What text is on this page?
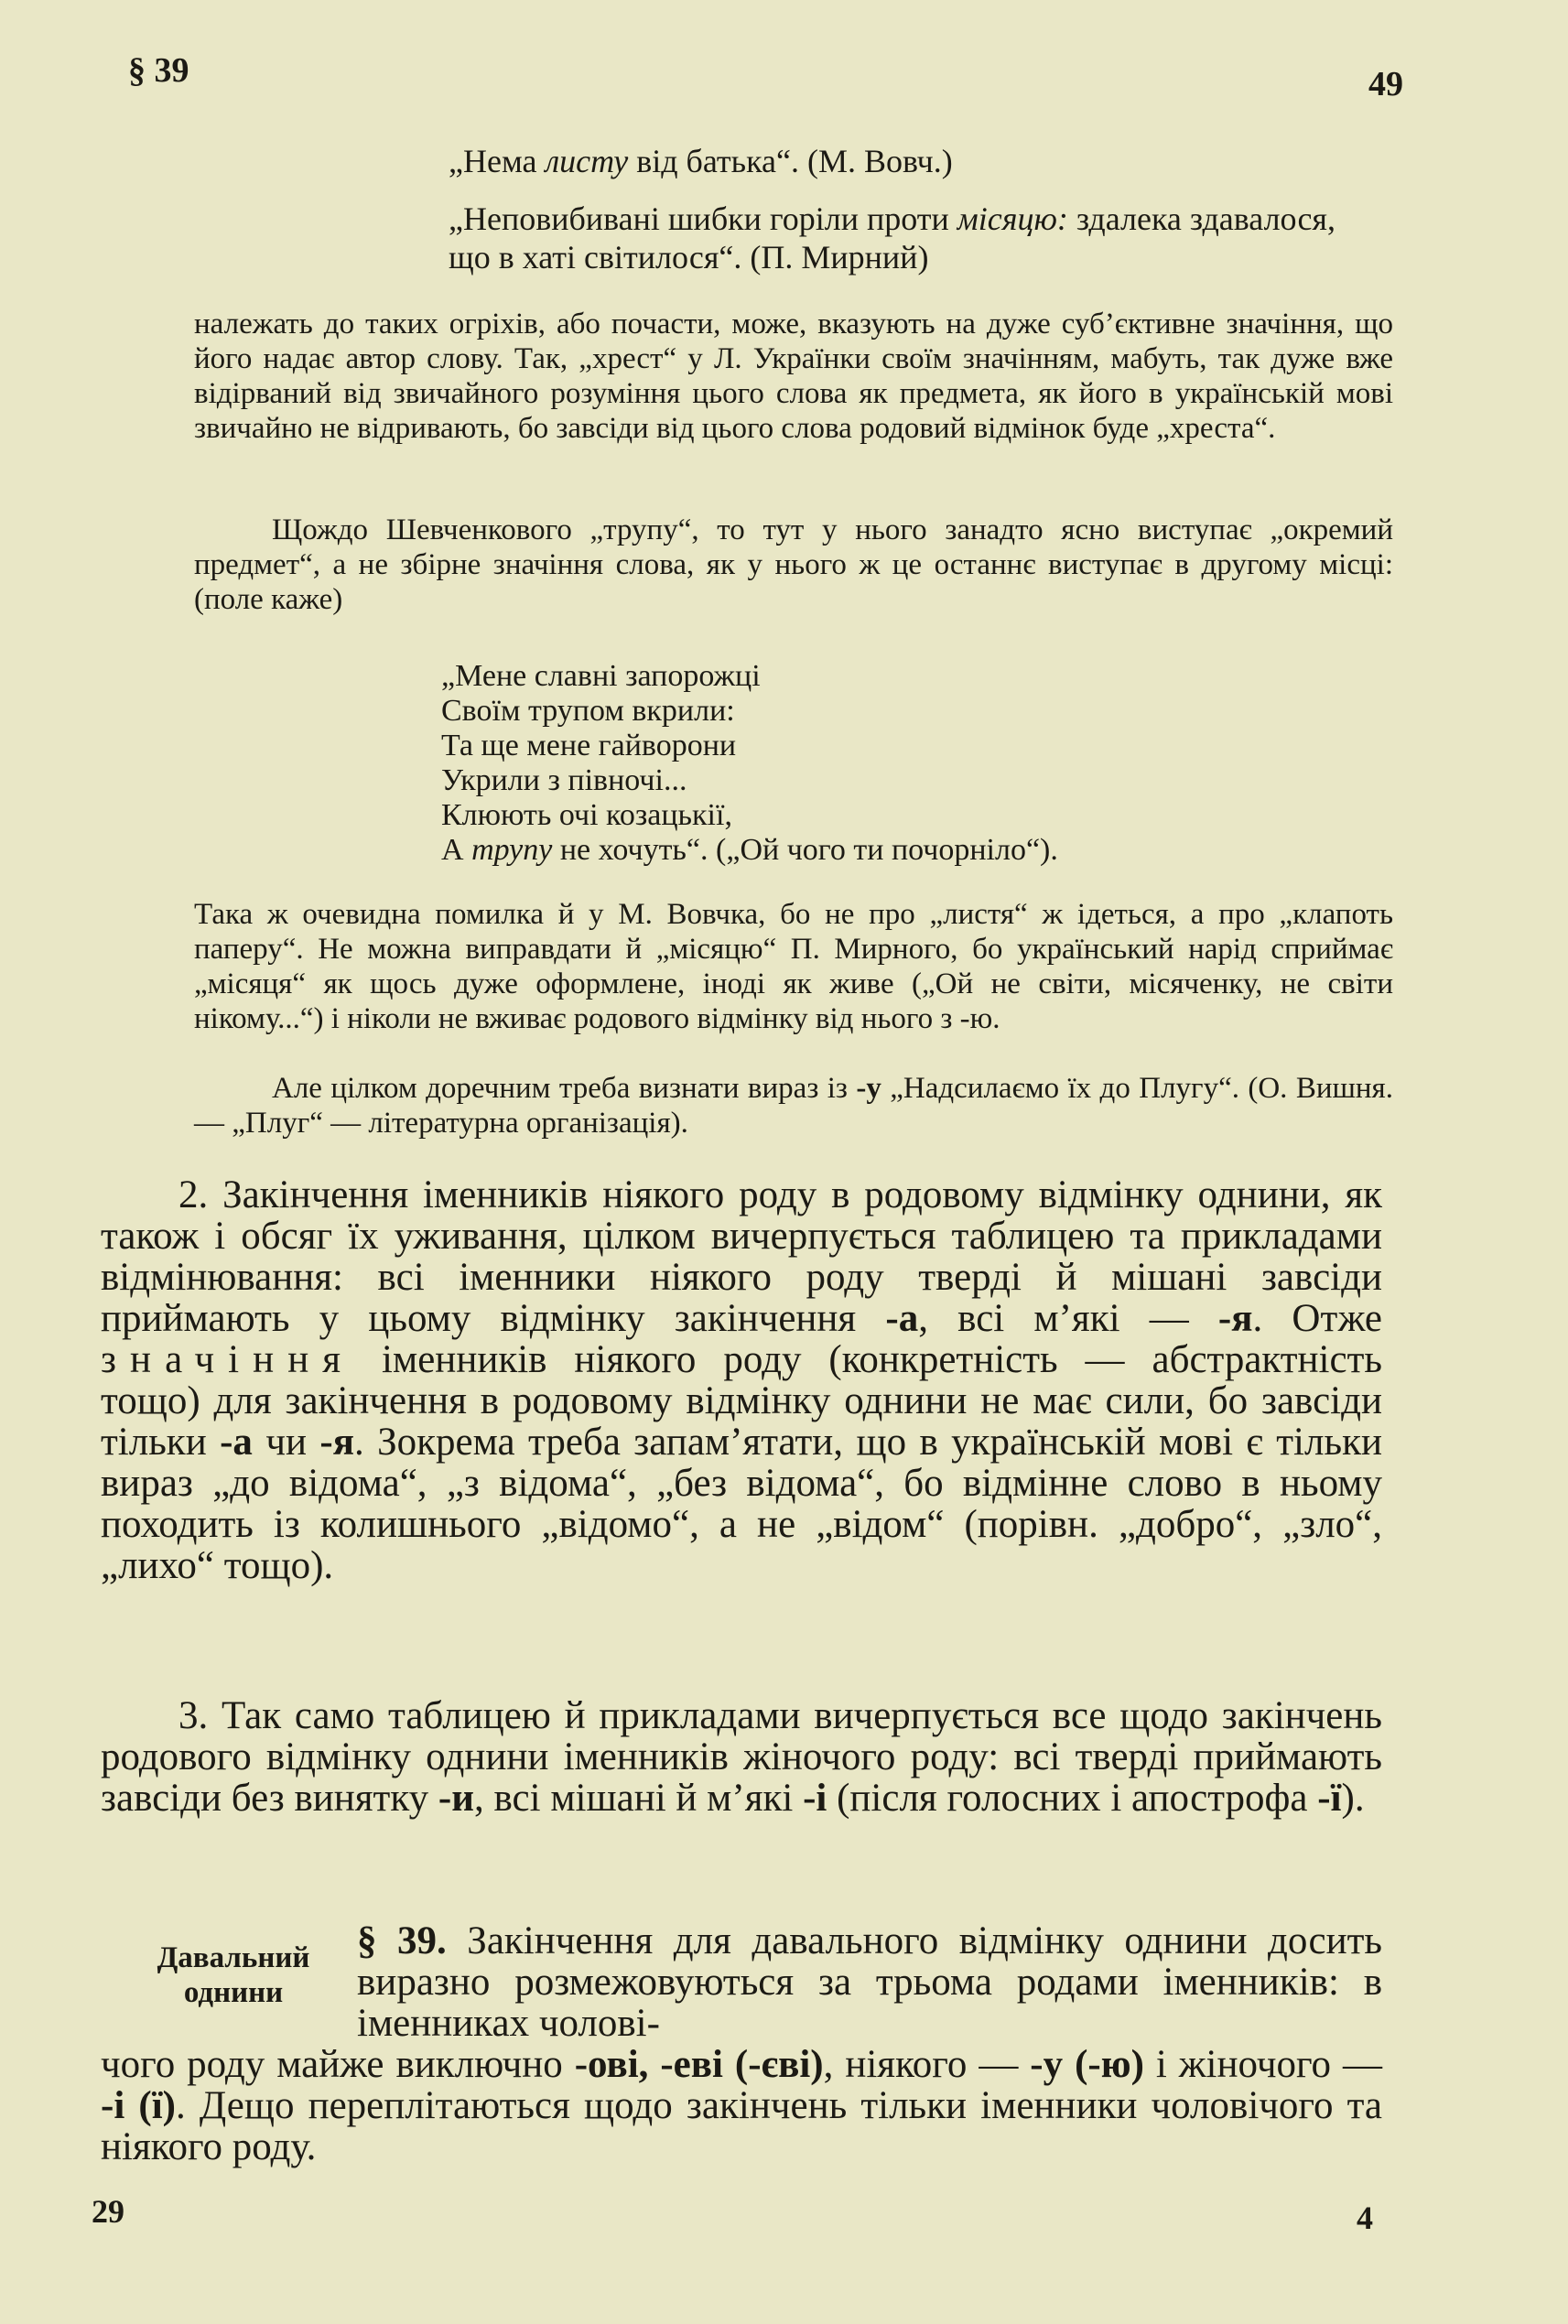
§ 39	49
„Нема листу від батька“. (М. Вовч.)
„Неповибивані шибки горіли проти місяцю: здалека здавалося, що в хаті світилося“. (П. Мирний)
належать до таких огріхів, або почасти, може, вказують на дуже суб’єктивне значіння, що його надає автор слову. Так, „хрест“ у Л. Українки своїм значінням, мабуть, так дуже вже відірваний від звичайного розуміння цього слова як предмета, як його в українській мові звичайно не відривають, бо завсіди від цього слова родовий відмінок буде „хреста“.
Щождо Шевченкового „трупу“, то тут у нього занадто ясно виступає „окремий предмет“, а не збірне значіння слова, як у нього ж це останнє виступає в другому місці: (поле каже)
„Мене славні запорожці
Своїм трупом вкрили:
Та ще мене гайворони
Укрили з півночі...
Клюють очі козацькії,
А трупу не хочуть“. („Ой чого ти почорніло“).
Така ж очевидна помилка й у М. Вовчка, бо не про „листя“ ж ідеться, а про „клапоть паперу“. Не можна виправдати й „місяцю“ П. Мирного, бо український нарід сприймає „місяця“ як щось дуже оформлене, іноді як живе („Ой не світи, місяченку, не світи нікому...“) і ніколи не вживає родового відмінку від нього з -ю.
Але цілком доречним треба визнати вираз із -у „Надсилаємо їх до Плугу“. (О. Вишня. — „Плуг“ — літературна організація).
2. Закінчення іменників ніякого роду в родовому відмінку однини, як також і обсяг їх уживання, цілком вичерпується таблицею та прикладами відмінювання: всі іменники ніякого роду тверді й мішані завсіди приймають у цьому відмінку закінчення -а, всі м’які — -я. Отже значіння іменників ніякого роду (конкретність — абстрактність тощо) для закінчення в родовому відмінку однини не має сили, бо завсіди тільки -а чи -я. Зокрема треба запам’ятати, що в українській мові є тільки вираз „до відома“, „з відома“, „без відома“, бо відмінне слово в ньому походить із колишнього „відомо“, а не „відом“ (порівн. „добро“, „зло“, „лихо“ тощо).
3. Так само таблицею й прикладами вичерпується все щодо закінчень родового відмінку однини іменників жіночого роду: всі тверді приймають завсіди без винятку -и, всі мішані й м’які -і (після голосних і апострофа -ї).
Давальний однини
§ 39. Закінчення для давального відмінку однини досить виразно розмежовуються за трьома родами іменників: в іменниках чолові-
чого роду майже виключно -ові, -еві (-єві), ніякого — -у (-ю) і жіночого — -і (ї). Дещо переплітаються щодо закінчень тільки іменники чоловічого та ніякого роду.
29	4
